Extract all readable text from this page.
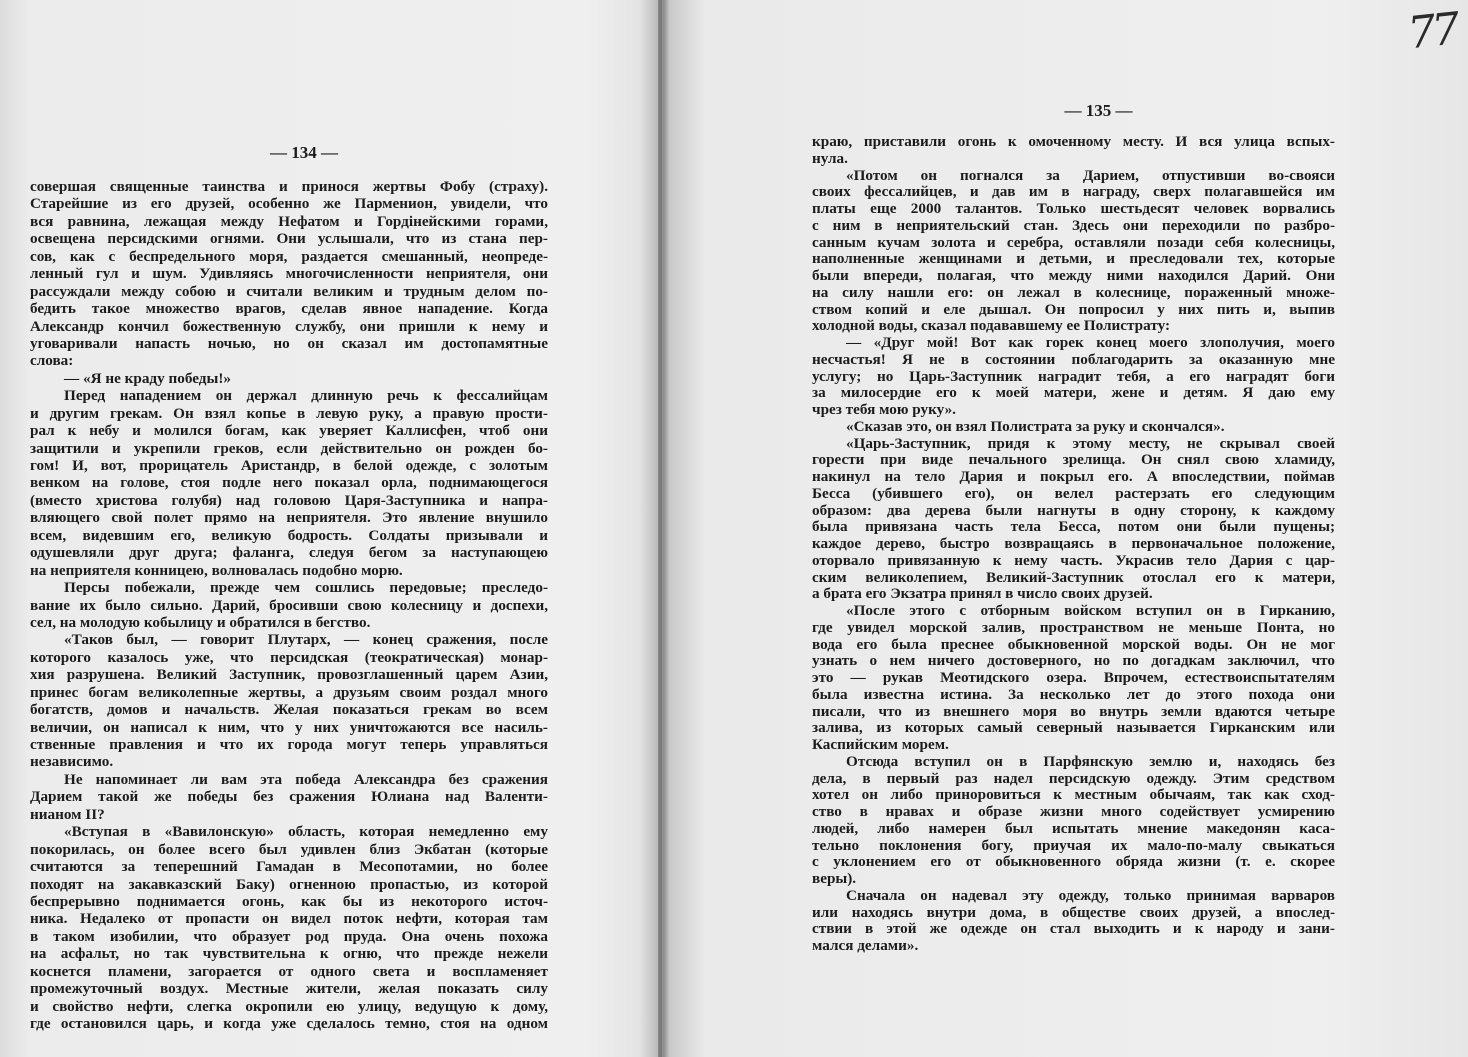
77
— 134 —
совершая священные таинства и принося жертвы Фобу (страху).
Старейшие из его друзей, особенно же Парменион, увидели, что
вся равнина, лежащая между Нефатом и Гордінейскими горами,
освещена персидскими огнями. Они услышали, что из стана пер-
сов, как с беспредельного моря, раздается смешанный, неопреде-
ленный гул и шум. Удивляясь многочисленности неприятеля, они
рассуждали между собою и считали великим и трудным делом по-
бедить такое множество врагов, сделав явное нападение. Когда
Александр кончил божественную службу, они пришли к нему и
уговаривали напасть ночью, но он сказал им достопамятные
слова:
— «Я не краду победы!»
Перед нападением он держал длинную речь к фессалийцам
и другим грекам. Он взял копье в левую руку, а правую прости-
рал к небу и молился богам, как уверяет Каллисфен, чтоб они
защитили и укрепили греков, если действительно он рожден бо-
гом! И, вот, прорицатель Аристандр, в белой одежде, с золотым
венком на голове, стоя подле него показал орла, поднимающегося
(вместо христова голубя) над головою Царя-Заступника и напра-
вляющего свой полет прямо на неприятеля. Это явление внушило
всем, видевшим его, великую бодрость. Солдаты призывали и
одушевляли друг друга; фаланга, следуя бегом за наступающею
на неприятеля конницею, волновалась подобно морю.
Персы побежали, прежде чем сошлись передовые; преследо-
вание их было сильно. Дарий, бросивши свою колесницу и доспехи,
сел, на молодую кобылицу и обратился в бегство.
«Таков был, — говорит Плутарх, — конец сражения, после
которого казалось уже, что персидская (теократическая) монар-
хия разрушена. Великий Заступник, провозглашенный царем Азии,
принес богам великолепные жертвы, а друзьям своим роздал много
богатств, домов и начальств. Желая показаться грекам во всем
величии, он написал к ним, что у них уничтожаются все насиль-
ственные правления и что их города могут теперь управляться
независимо.
Не напоминает ли вам эта победа Александра без сражения
Дарием такой же победы без сражения Юлиана над Валенти-
нианом II?
«Вступая в «Вавилонскую» область, которая немедленно ему
покорилась, он более всего был удивлен близ Экбатан (которые
считаются за теперешний Гамадан в Месопотамии, но более
походят на закавказский Баку) огненною пропастью, из которой
беспрерывно поднимается огонь, как бы из некоторого источ-
ника. Недалеко от пропасти он видел поток нефти, которая там
в таком изобилии, что образует род пруда. Она очень похожа
на асфальт, но так чувствительна к огню, что прежде нежели
коснется пламени, загорается от одного света и воспламеняет
промежуточный воздух. Местные жители, желая показать силу
и свойство нефти, слегка окропили ею улицу, ведущую к дому,
где остановился царь, и когда уже сделалось темно, стоя на одном
— 135 —
краю, приставили огонь к омоченному месту. И вся улица вспых-
нула.
«Потом он погнался за Дарием, отпустивши во-свояси
своих фессалийцев, и дав им в награду, сверх полагавшейся им
платы еще 2000 талантов. Только шестьдесят человек ворвались
с ним в неприятельский стан. Здесь они переходили по разбро-
санным кучам золота и серебра, оставляли позади себя колесницы,
наполненные женщинами и детьми, и преследовали тех, которые
были впереди, полагая, что между ними находился Дарий. Они
на силу нашли его: он лежал в колеснице, пораженный множе-
ством копий и еле дышал. Он попросил у них пить и, выпив
холодной воды, сказал подававшему ее Полистрату:
— «Друг мой! Вот как горек конец моего злополучия, моего
несчастья! Я не в состоянии поблагодарить за оказанную мне
услугу; но Царь-Заступник наградит тебя, а его наградят боги
за милосердие его к моей матери, жене и детям. Я даю ему
чрез тебя мою руку».
«Сказав это, он взял Полистрата за руку и скончался».
«Царь-Заступник, придя к этому месту, не скрывал своей
горести при виде печального зрелища. Он снял свою хламиду,
накинул на тело Дария и покрыл его. А впоследствии, поймав
Бесса (убившего его), он велел растерзать его следующим
образом: два дерева были нагнуты в одну сторону, к каждому
была привязана часть тела Бесса, потом они были пущены;
каждое дерево, быстро возвращаясь в первоначальное положение,
оторвало привязанную к нему часть. Украсив тело Дария с цар-
ским великолепием, Великий-Заступник отослал его к матери,
а брата его Экзатра принял в число своих друзей.
«После этого с отборным войском вступил он в Гирканию,
где увидел морской залив, пространством не меньше Понта, но
вода его была преснее обыкновенной морской воды. Он не мог
узнать о нем ничего достоверного, но по догадкам заключил, что
это — рукав Меотидского озера. Впрочем, естествоиспытателям
была известна истина. За несколько лет до этого похода они
писали, что из внешнего моря во внутрь земли вдаются четыре
залива, из которых самый северный называется Гирканским или
Каспийским морем.
Отсюда вступил он в Парфянскую землю и, находясь без
дела, в первый раз надел персидскую одежду. Этим средством
хотел он либо приноровиться к местным обычаям, так как сход-
ство в нравах и образе жизни много содействует усмирению
людей, либо намерен был испытать мнение македонян каса-
тельно поклонения богу, приучая их мало-по-малу свыкаться
с уклонением его от обыкновенного обряда жизни (т. е. скорее
веры).
Сначала он надевал эту одежду, только принимая варваров
или находясь внутри дома, в обществе своих друзей, а впослед-
ствии в этой же одежде он стал выходить и к народу и зани-
мался делами».
